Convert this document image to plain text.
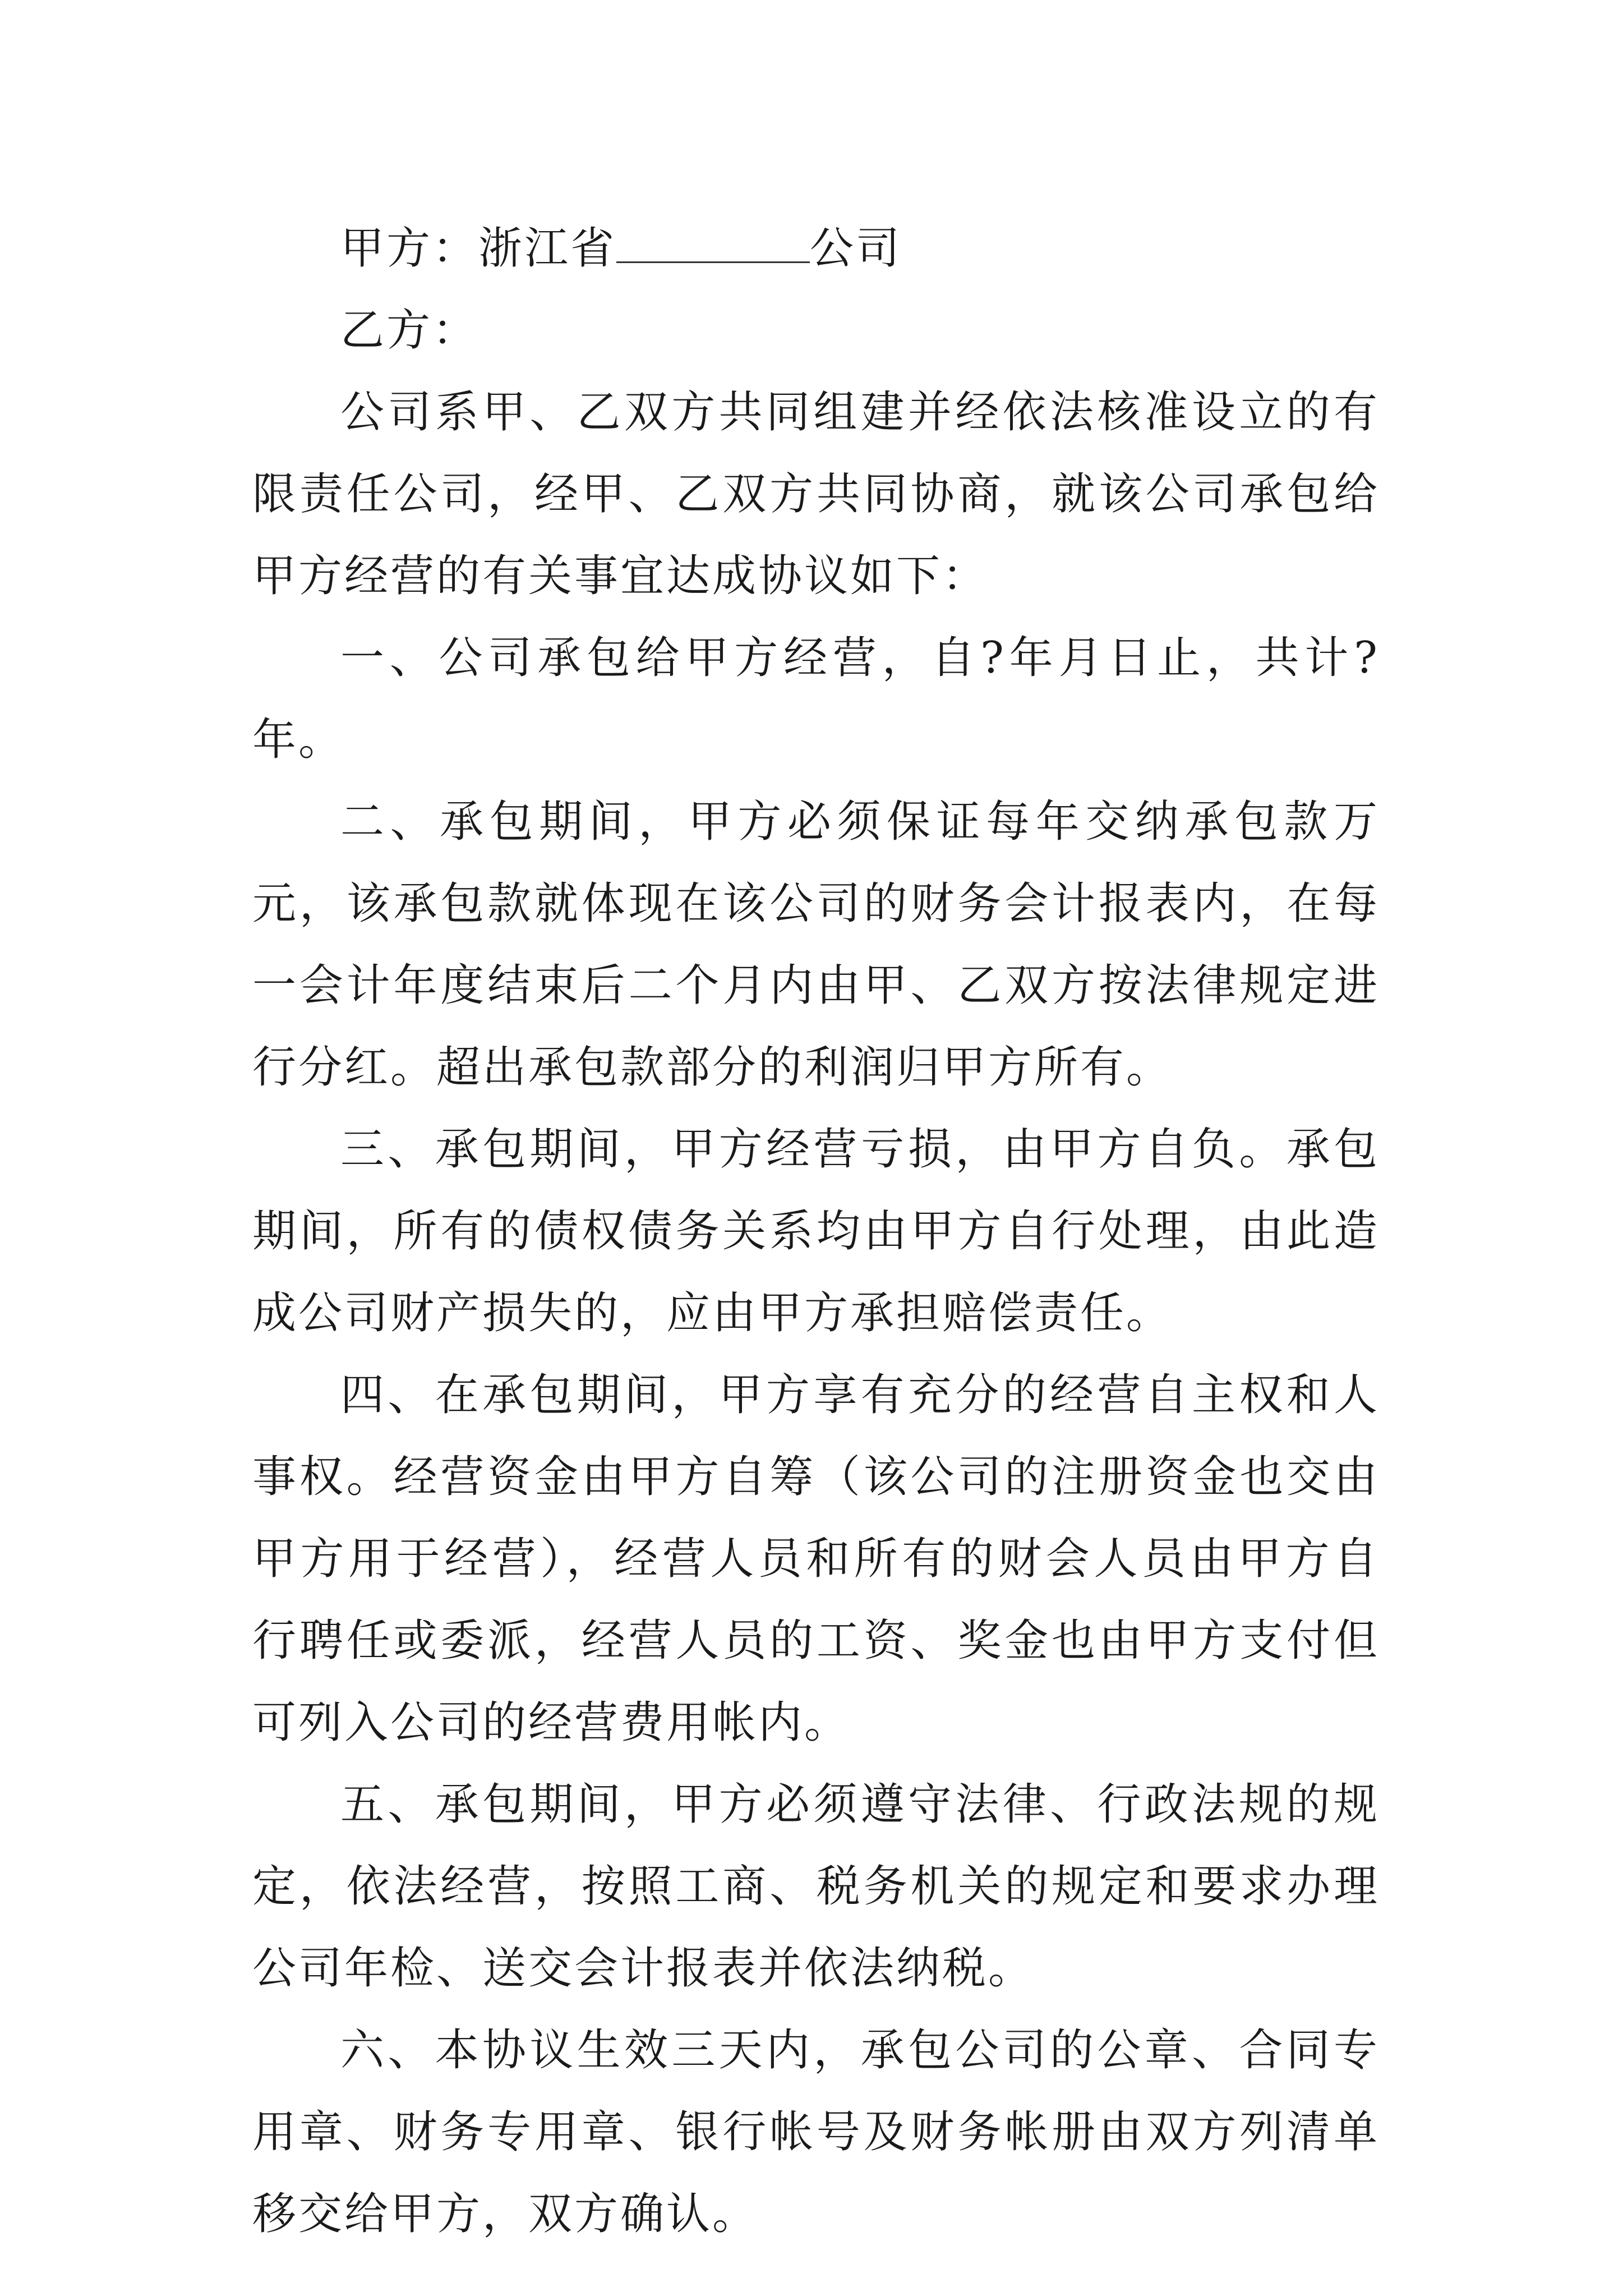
甲方：浙江省	公司

乙方：

公司系甲、乙双方共同组建并经依法核准设立的有限责任公司，经甲、乙双方共同协商，就该公司承包给甲方经营的有关事宜达成协议如下：

一、公司承包给甲方经营，自?年月日止，共计?年。

二、承包期间，甲方必须保证每年交纳承包款万元，该承包款就体现在该公司的财务会计报表内，在每一会计年度结束后二个月内由甲、乙双方按法律规定进行分红。超出承包款部分的利润归甲方所有。

三、承包期间，甲方经营亏损，由甲方自负。承包期间，所有的债权债务关系均由甲方自行处理，由此造成公司财产损失的，应由甲方承担赔偿责任。

四、在承包期间，甲方享有充分的经营自主权和人事权。经营资金由甲方自筹（该公司的注册资金也交由甲方用于经营），经营人员和所有的财会人员由甲方自行聘任或委派，经营人员的工资、奖金也由甲方支付但可列入公司的经营费用帐内。

五、承包期间，甲方必须遵守法律、行政法规的规定，依法经营，按照工商、税务机关的规定和要求办理公司年检、送交会计报表并依法纳税。

六、本协议生效三天内，承包公司的公章、合同专用章、财务专用章、银行帐号及财务帐册由双方列清单移交给甲方，双方确认。
